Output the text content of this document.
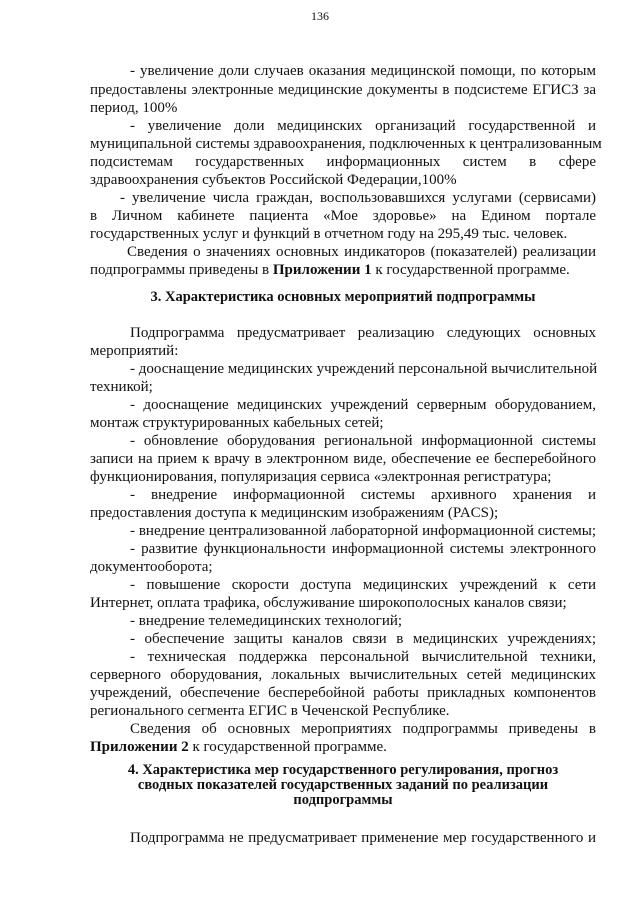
136
- увеличение доли случаев оказания медицинской помощи, по которым
предоставлены электронные медицинские документы в подсистеме ЕГИСЗ за
период, 100%
- увеличение доли медицинских организаций государственной и
муниципальной системы здравоохранения, подключенных к централизованным
подсистемам государственных информационных систем в сфере
здравоохранения субъектов Российской Федерации,100%
- увеличение числа граждан, воспользовавшихся услугами (сервисами)
в Личном кабинете пациента «Мое здоровье» на Едином портале
государственных услуг и функций в отчетном году на 295,49 тыс. человек.
Сведения о значениях основных индикаторов (показателей) реализации
подпрограммы приведены в Приложении 1 к государственной программе.
3. Характеристика основных мероприятий подпрограммы
Подпрограмма предусматривает реализацию следующих основных
мероприятий:
- дооснащение медицинских учреждений персональной вычислительной
техникой;
- дооснащение медицинских учреждений серверным оборудованием,
монтаж структурированных кабельных сетей;
- обновление оборудования региональной информационной системы
записи на прием к врачу в электронном виде, обеспечение ее бесперебойного
функционирования, популяризация сервиса «электронная регистратура;
- внедрение информационной системы архивного хранения и
предоставления доступа к медицинским изображениям (PACS);
- внедрение централизованной лабораторной информационной системы;
- развитие функциональности информационной системы электронного
документооборота;
- повышение скорости доступа медицинских учреждений к сети
Интернет, оплата трафика, обслуживание широкополосных каналов связи;
- внедрение телемедицинских технологий;
- обеспечение защиты каналов связи в медицинских учреждениях;
- техническая поддержка персональной вычислительной техники,
серверного оборудования, локальных вычислительных сетей медицинских
учреждений, обеспечение бесперебойной работы прикладных компонентов
регионального сегмента ЕГИС в Чеченской Республике.
Сведения об основных мероприятиях подпрограммы приведены в
Приложении 2 к государственной программе.
4. Характеристика мер государственного регулирования, прогноз
сводных показателей государственных заданий по реализации
подпрограммы
Подпрограмма не предусматривает применение мер государственного и
